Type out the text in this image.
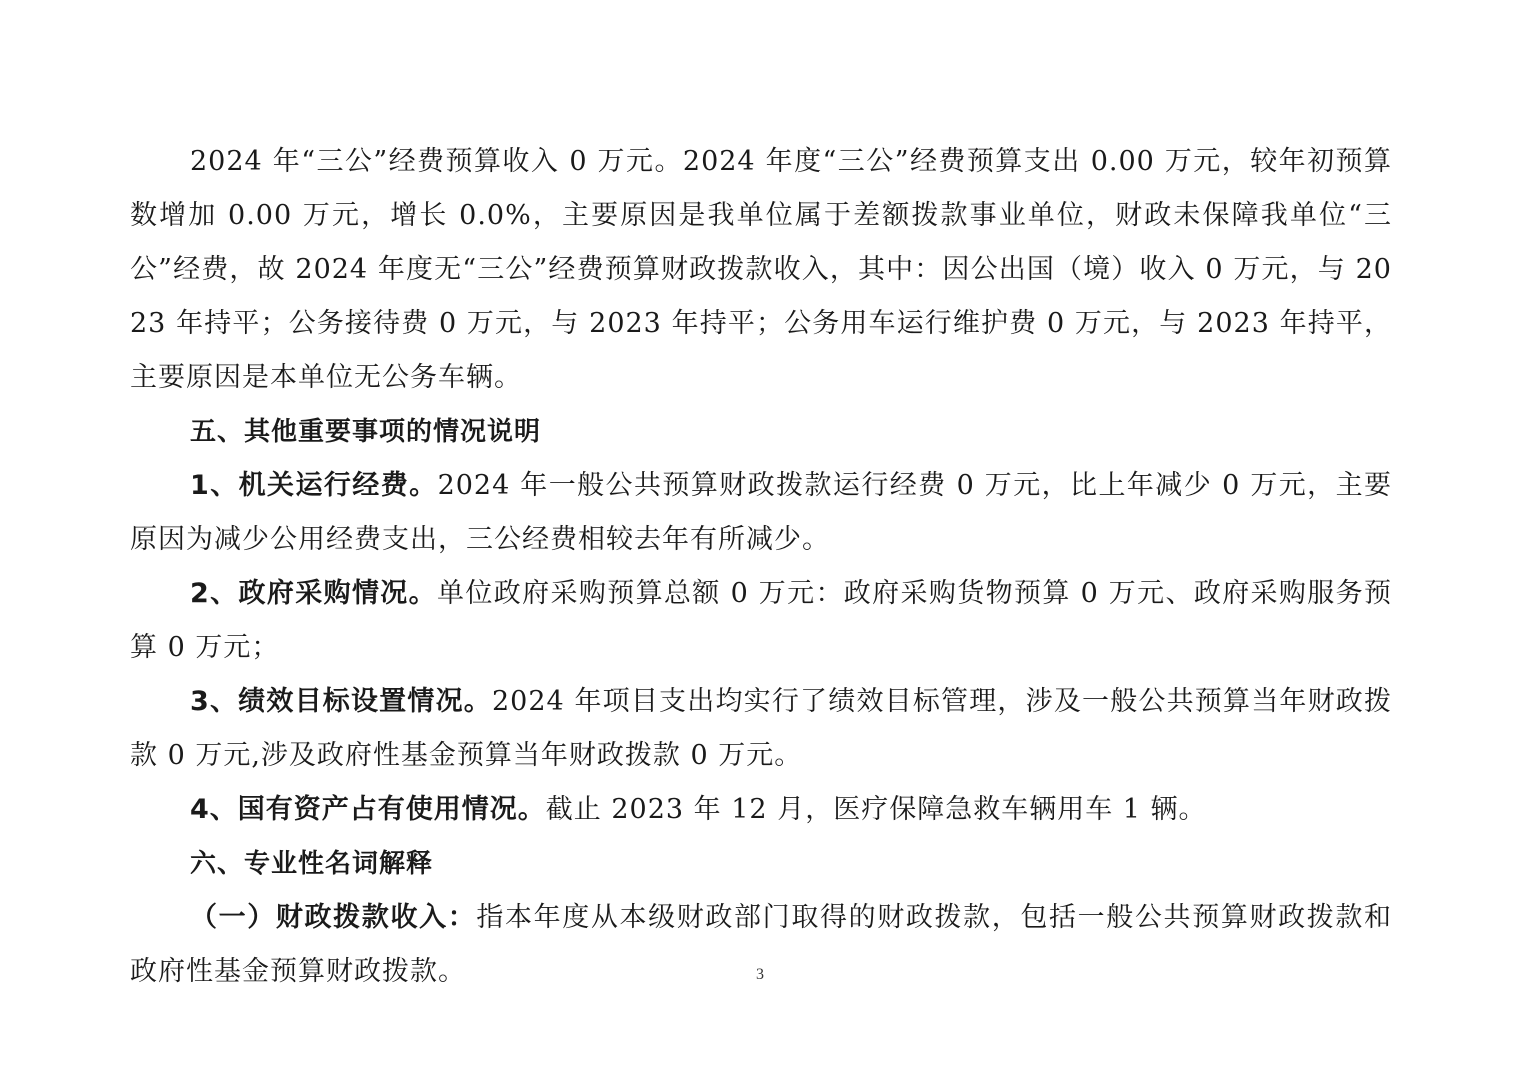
2024 年“三公”经费预算收入 0 万元。2024 年度“三公”经费预算支出 0.00 万元，较年初预算数增加 0.00 万元，增长 0.0%，主要原因是我单位属于差额拨款事业单位，财政未保障我单位“三公”经费，故 2024 年度无“三公”经费预算财政拨款收入，其中：因公出国（境）收入 0 万元，与 2023 年持平；公务接待费 0 万元，与 2023 年持平；公务用车运行维护费 0 万元，与 2023 年持平，主要原因是本单位无公务车辆。

五、其他重要事项的情况说明

1、机关运行经费。2024 年一般公共预算财政拨款运行经费 0 万元，比上年减少 0 万元，主要原因为减少公用经费支出，三公经费相较去年有所减少。

2、政府采购情况。单位政府采购预算总额 0 万元：政府采购货物预算 0 万元、政府采购服务预算 0 万元；

3、绩效目标设置情况。2024 年项目支出均实行了绩效目标管理，涉及一般公共预算当年财政拨款 0 万元,涉及政府性基金预算当年财政拨款 0 万元。

4、国有资产占有使用情况。截止 2023 年 12 月，医疗保障急救车辆用车 1 辆。

六、专业性名词解释

（一）财政拨款收入：指本年度从本级财政部门取得的财政拨款，包括一般公共预算财政拨款和政府性基金预算财政拨款。	3
